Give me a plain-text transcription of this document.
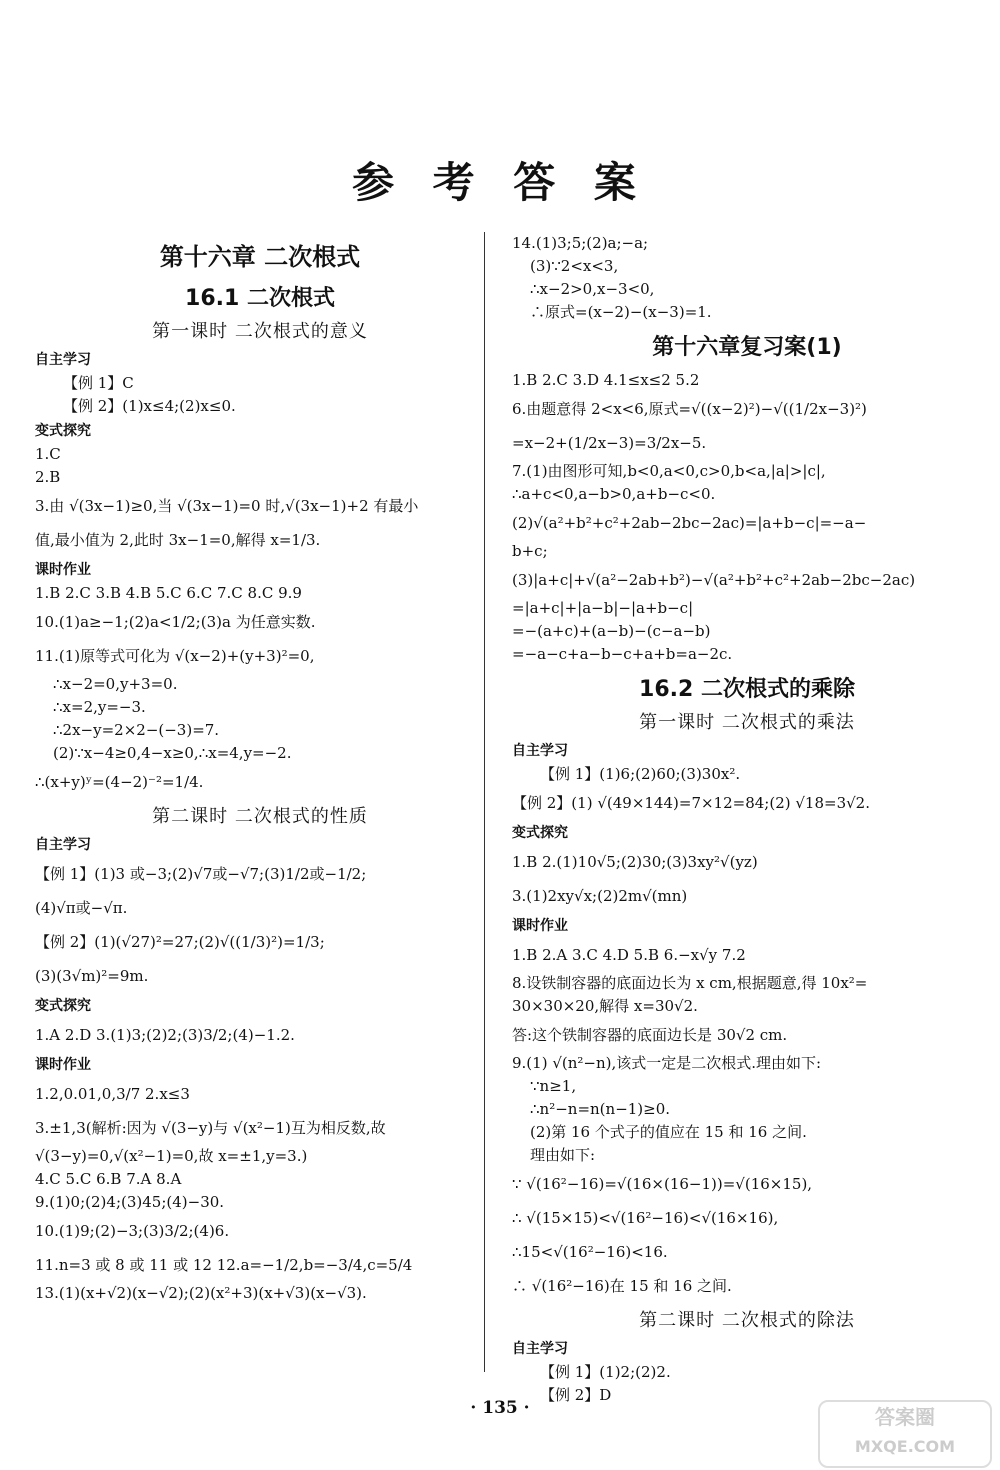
参 考 答 案
第十六章 二次根式
16.1 二次根式
第一课时 二次根式的意义
自主学习
【例 1】C
【例 2】(1)x≤4;(2)x≤0.
变式探究
1.C
2.B
3.由 √(3x−1)≥0,当 √(3x−1)=0 时,√(3x−1)+2 有最小
值,最小值为 2,此时 3x−1=0,解得 x=1/3.
课时作业
1.B 2.C 3.B 4.B 5.C 6.C 7.C 8.C 9.9
10.(1)a≥−1;(2)a<1/2;(3)a 为任意实数.
11.(1)原等式可化为 √(x−2)+(y+3)²=0,
∴x−2=0,y+3=0.
∴x=2,y=−3.
∴2x−y=2×2−(−3)=7.
(2)∵x−4≥0,4−x≥0,∴x=4,y=−2.
∴(x+y)ʸ=(4−2)⁻²=1/4.
第二课时 二次根式的性质
自主学习
【例 1】(1)3 或−3;(2)√7或−√7;(3)1/2或−1/2;
(4)√π或−√π.
【例 2】(1)(√27)²=27;(2)√((1/3)²)=1/3;
(3)(3√m)²=9m.
变式探究
1.A 2.D 3.(1)3;(2)2;(3)3/2;(4)−1.2.
课时作业
1.2,0.01,0,3/7 2.x≤3
3.±1,3(解析:因为 √(3−y)与 √(x²−1)互为相反数,故
√(3−y)=0,√(x²−1)=0,故 x=±1,y=3.)
4.C 5.C 6.B 7.A 8.A
9.(1)0;(2)4;(3)45;(4)−30.
10.(1)9;(2)−3;(3)3/2;(4)6.
11.n=3 或 8 或 11 或 12 12.a=−1/2,b=−3/4,c=5/4
13.(1)(x+√2)(x−√2);(2)(x²+3)(x+√3)(x−√3).
14.(1)3;5;(2)a;−a;
(3)∵2<x<3,
∴x−2>0,x−3<0,
∴原式=(x−2)−(x−3)=1.
第十六章复习案(1)
1.B 2.C 3.D 4.1≤x≤2 5.2
6.由题意得 2<x<6,原式=√((x−2)²)−√((1/2x−3)²)
=x−2+(1/2x−3)=3/2x−5.
7.(1)由图形可知,b<0,a<0,c>0,b<a,|a|>|c|,
∴a+c<0,a−b>0,a+b−c<0.
(2)√(a²+b²+c²+2ab−2bc−2ac)=|a+b−c|=−a−
b+c;
(3)|a+c|+√(a²−2ab+b²)−√(a²+b²+c²+2ab−2bc−2ac)
=|a+c|+|a−b|−|a+b−c|
=−(a+c)+(a−b)−(c−a−b)
=−a−c+a−b−c+a+b=a−2c.
16.2 二次根式的乘除
第一课时 二次根式的乘法
自主学习
【例 1】(1)6;(2)60;(3)30x².
【例 2】(1) √(49×144)=7×12=84;(2) √18=3√2.
变式探究
1.B 2.(1)10√5;(2)30;(3)3xy²√(yz)
3.(1)2xy√x;(2)2m√(mn)
课时作业
1.B 2.A 3.C 4.D 5.B 6.−x√y 7.2
8.设铁制容器的底面边长为 x cm,根据题意,得 10x²=
30×30×20,解得 x=30√2.
答:这个铁制容器的底面边长是 30√2 cm.
9.(1) √(n²−n),该式一定是二次根式.理由如下:
∵n≥1,
∴n²−n=n(n−1)≥0.
(2)第 16 个式子的值应在 15 和 16 之间.
理由如下:
∵ √(16²−16)=√(16×(16−1))=√(16×15),
∴ √(15×15)<√(16²−16)<√(16×16),
∴15<√(16²−16)<16.
∴ √(16²−16)在 15 和 16 之间.
第二课时 二次根式的除法
自主学习
【例 1】(1)2;(2)2.
【例 2】D
· 135 ·	答案圈
MXQE.COM
